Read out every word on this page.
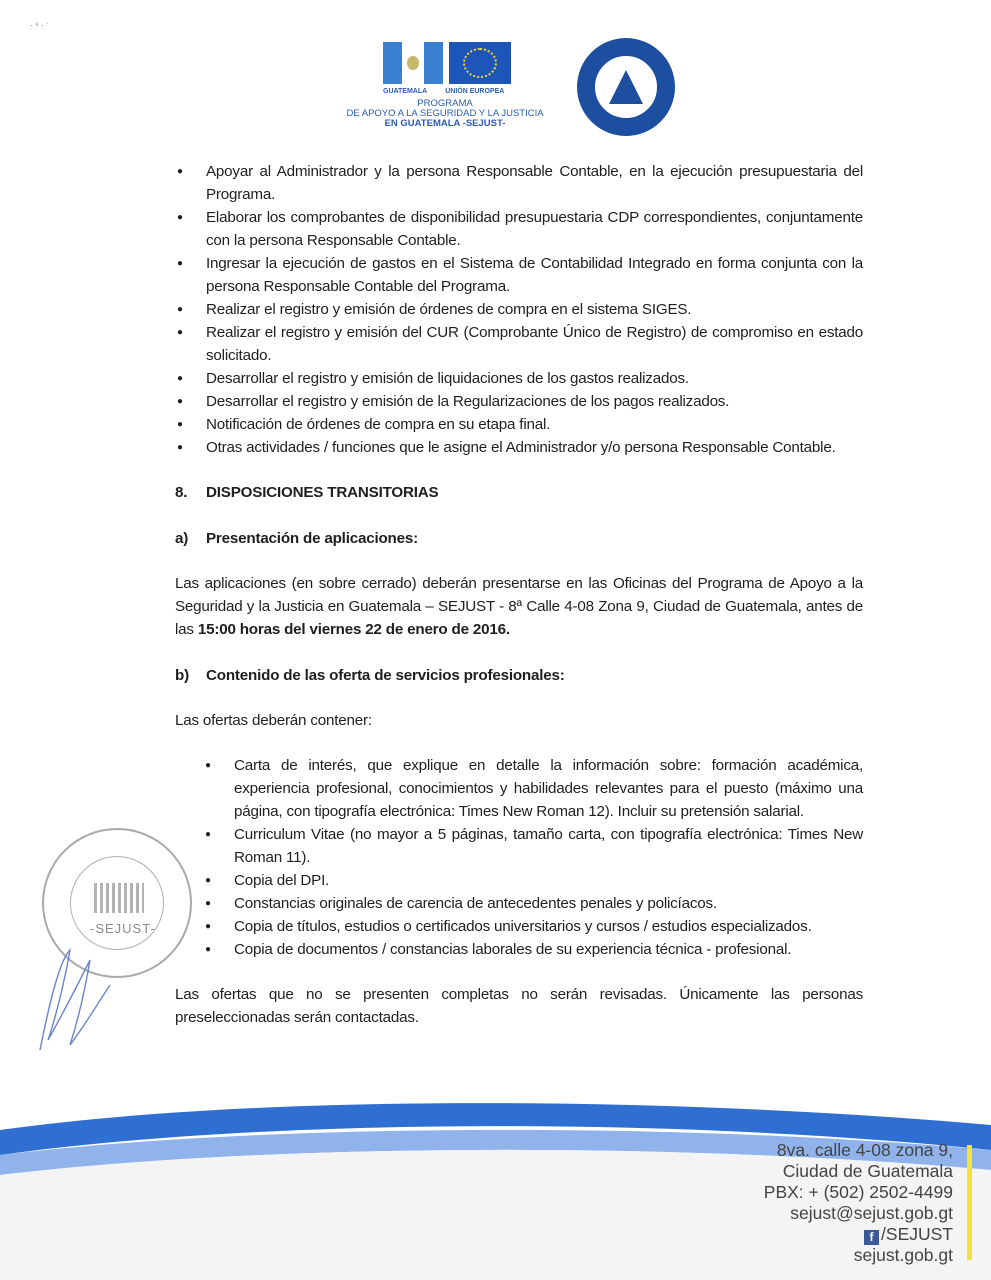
· ᵛ · ˑ
GUATEMALA	UNIÓN EUROPEA
PROGRAMA
DE APOYO A LA SEGURIDAD Y LA JUSTICIA
EN GUATEMALA -SEJUST-
● Apoyar al Administrador y la persona Responsable Contable, en la ejecución presupuestaria del Programa.
● Elaborar los comprobantes de disponibilidad presupuestaria CDP correspondientes, conjuntamente con la persona Responsable Contable.
● Ingresar la ejecución de gastos en el Sistema de Contabilidad Integrado en forma conjunta con la persona Responsable Contable del Programa.
● Realizar el registro y emisión de órdenes de compra en el sistema SIGES.
● Realizar el registro y emisión del CUR (Comprobante Único de Registro) de compromiso en estado solicitado.
● Desarrollar el registro y emisión de liquidaciones de los gastos realizados.
● Desarrollar el registro y emisión de la Regularizaciones de los pagos realizados.
● Notificación de órdenes de compra en su etapa final.
● Otras actividades / funciones que le asigne el Administrador y/o persona Responsable Contable.
8. DISPOSICIONES TRANSITORIAS
a) Presentación de aplicaciones:
Las aplicaciones (en sobre cerrado) deberán presentarse en las Oficinas del Programa de Apoyo a la Seguridad y la Justicia en Guatemala – SEJUST - 8ª Calle 4-08 Zona 9, Ciudad de Guatemala, antes de las 15:00 horas del viernes 22 de enero de 2016.
b) Contenido de las oferta de servicios profesionales:
Las ofertas deberán contener:
● Carta de interés, que explique en detalle la información sobre: formación académica, experiencia profesional, conocimientos y habilidades relevantes para el puesto (máximo una página, con tipografía electrónica: Times New Roman 12). Incluir su pretensión salarial.
● Curriculum Vitae (no mayor a 5 páginas, tamaño carta, con tipografía electrónica: Times New Roman 11).
● Copia del DPI.
● Constancias originales de carencia de antecedentes penales y policíacos.
● Copia de títulos, estudios o certificados universitarios y cursos / estudios especializados.
● Copia de documentos / constancias laborales de su experiencia técnica - profesional.
Las ofertas que no se presenten completas no serán revisadas. Únicamente las personas preseleccionadas serán contactadas.
-SEJUST-
8va. calle 4-08 zona 9,
Ciudad de Guatemala
PBX: + (502) 2502-4499
sejust@sejust.gob.gt
f /SEJUST
sejust.gob.gt
